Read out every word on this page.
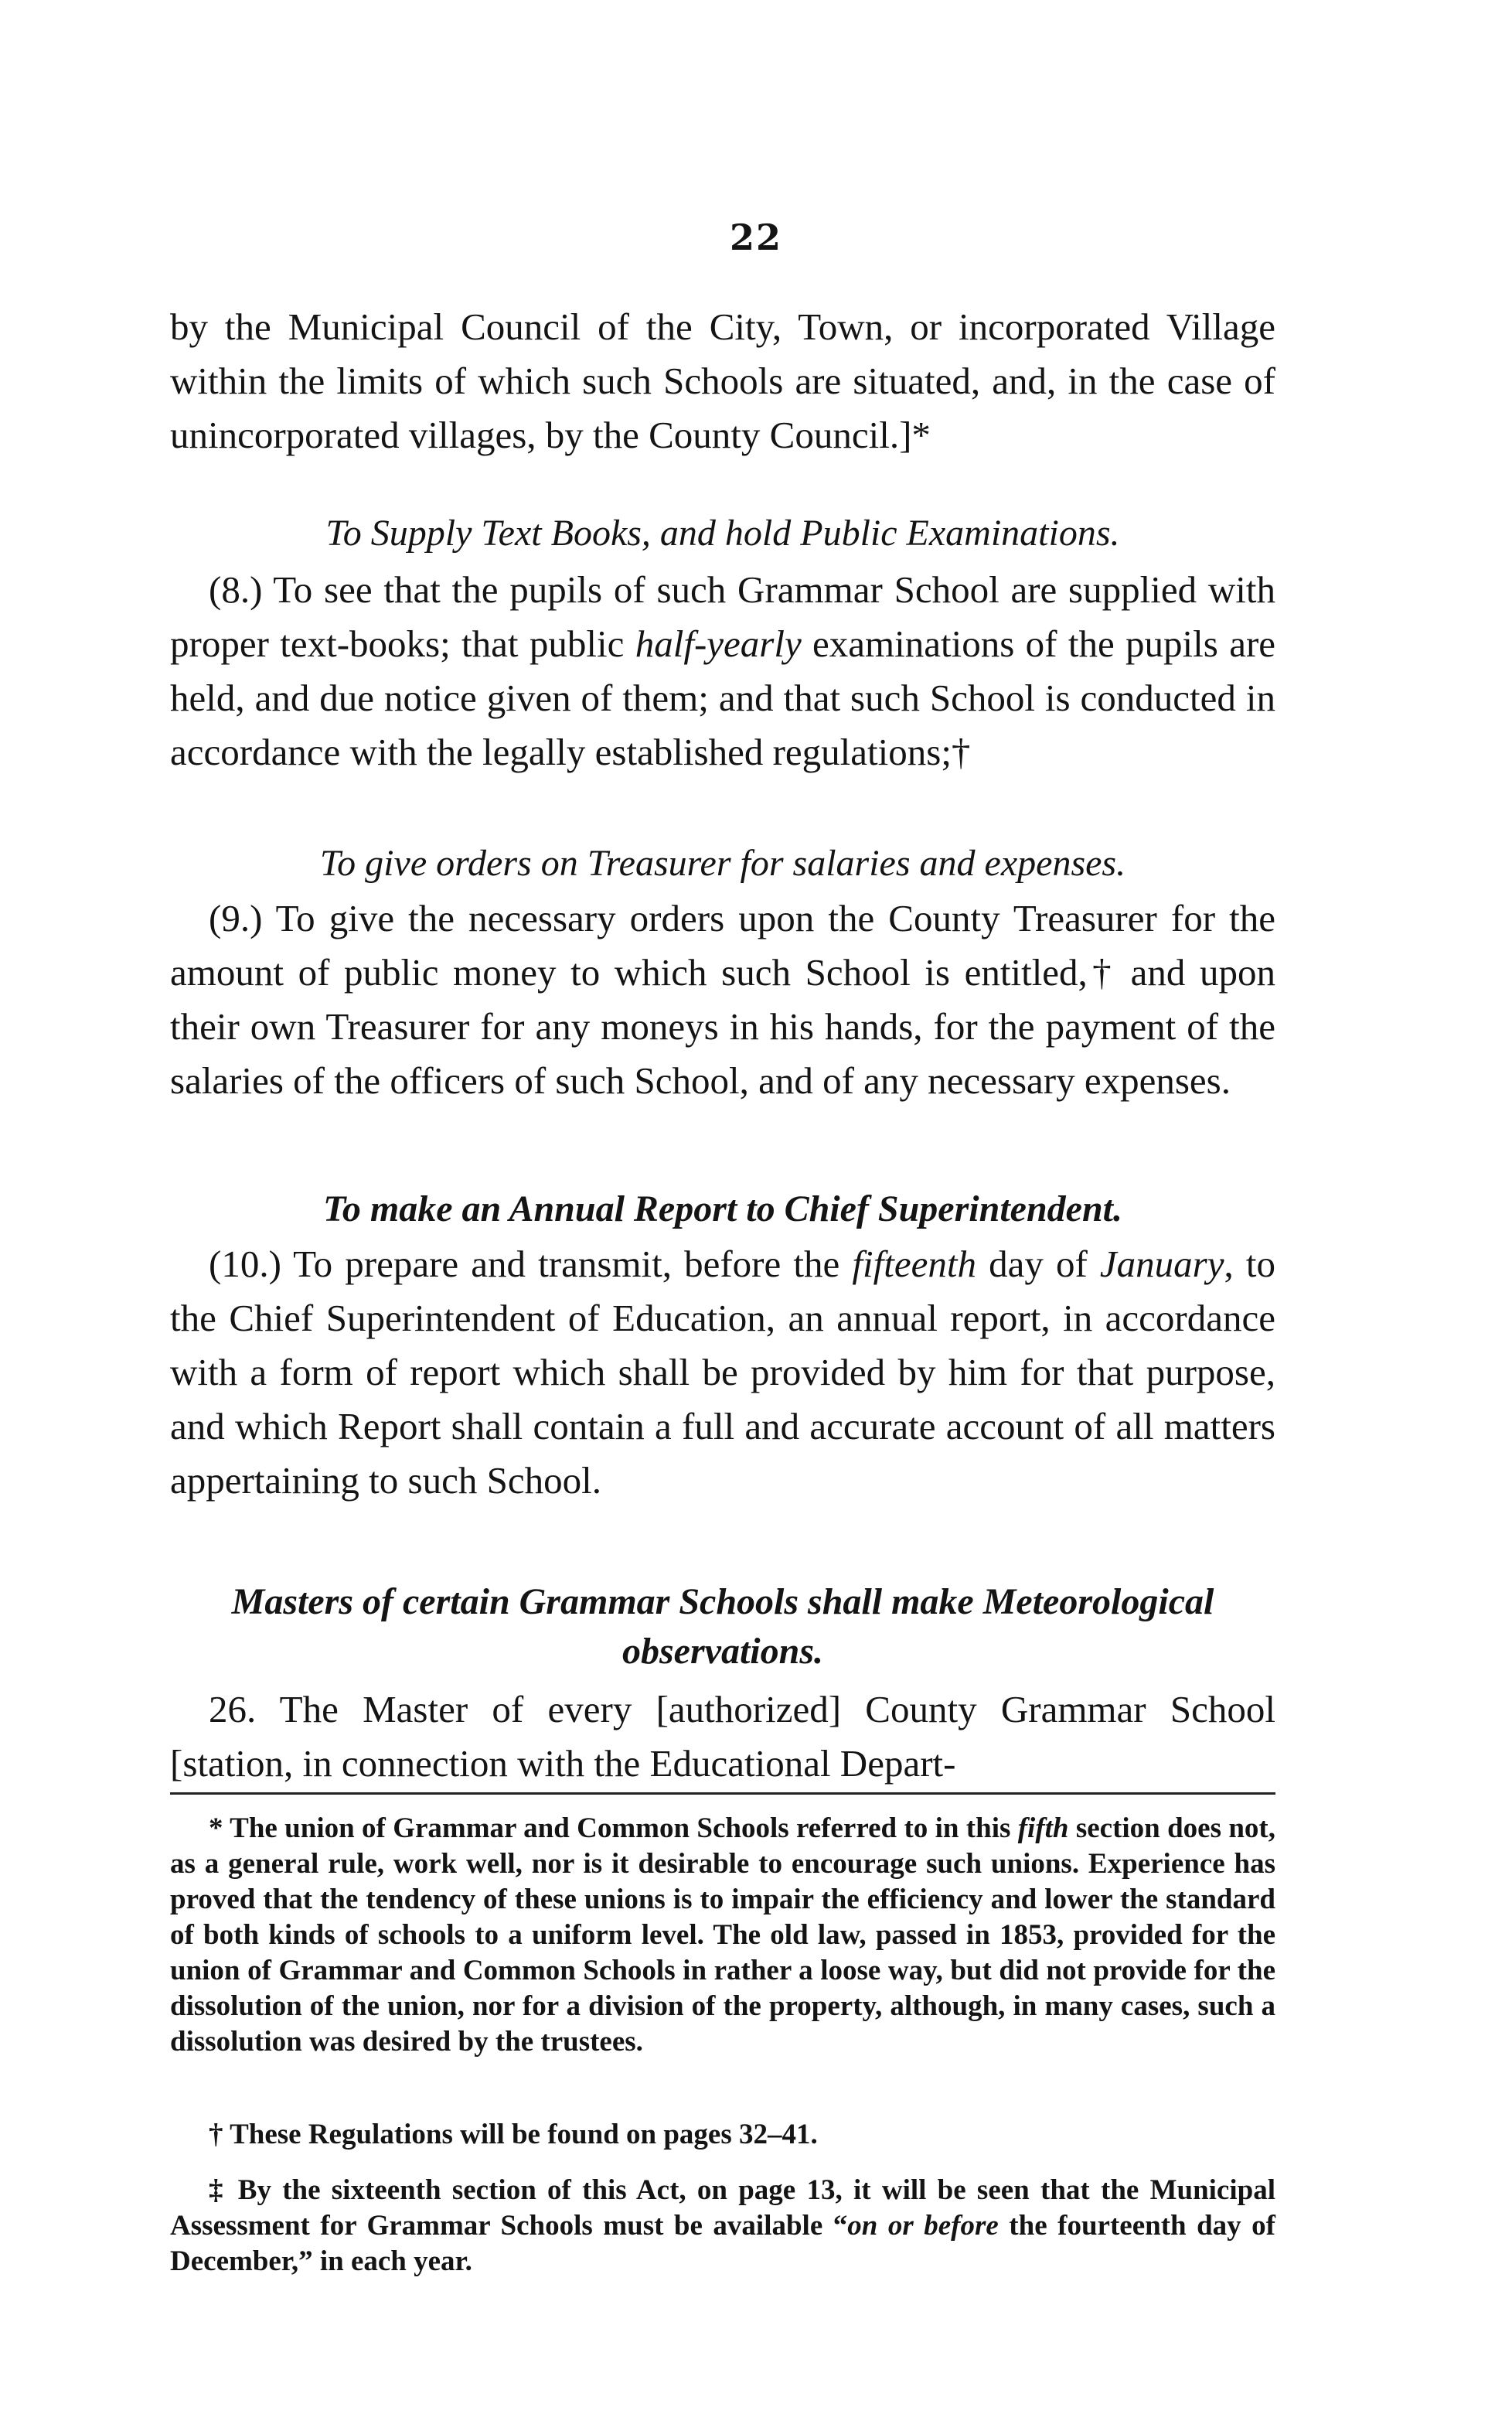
22

by the Municipal Council of the City, Town, or incorporated Village within the limits of which such Schools are situated, and, in the case of unincorporated villages, by the County Council.]*

To Supply Text Books, and hold Public Examinations.

(8.) To see that the pupils of such Grammar School are supplied with proper text-books; that public half-yearly examinations of the pupils are held, and due notice given of them; and that such School is conducted in accordance with the legally established regulations;†

To give orders on Treasurer for salaries and expenses.

(9.) To give the necessary orders upon the County Treasurer for the amount of public money to which such School is entitled,† and upon their own Treasurer for any moneys in his hands, for the payment of the salaries of the officers of such School, and of any necessary expenses.

To make an Annual Report to Chief Superintendent.

(10.) To prepare and transmit, before the fifteenth day of January, to the Chief Superintendent of Education, an annual report, in accordance with a form of report which shall be provided by him for that purpose, and which Report shall contain a full and accurate account of all matters appertaining to such School.

Masters of certain Grammar Schools shall make Meteorological observations.

26. The Master of every [authorized] County Grammar School [station, in connection with the Educational Depart-

* The union of Grammar and Common Schools referred to in this fifth section does not, as a general rule, work well, nor is it desirable to encourage such unions. Experience has proved that the tendency of these unions is to impair the efficiency and lower the standard of both kinds of schools to a uniform level. The old law, passed in 1853, provided for the union of Grammar and Common Schools in rather a loose way, but did not provide for the dissolution of the union, nor for a division of the property, although, in many cases, such a dissolution was desired by the trustees.

† These Regulations will be found on pages 32–41.

‡ By the sixteenth section of this Act, on page 13, it will be seen that the Municipal Assessment for Grammar Schools must be available “on or before the fourteenth day of December,” in each year.
